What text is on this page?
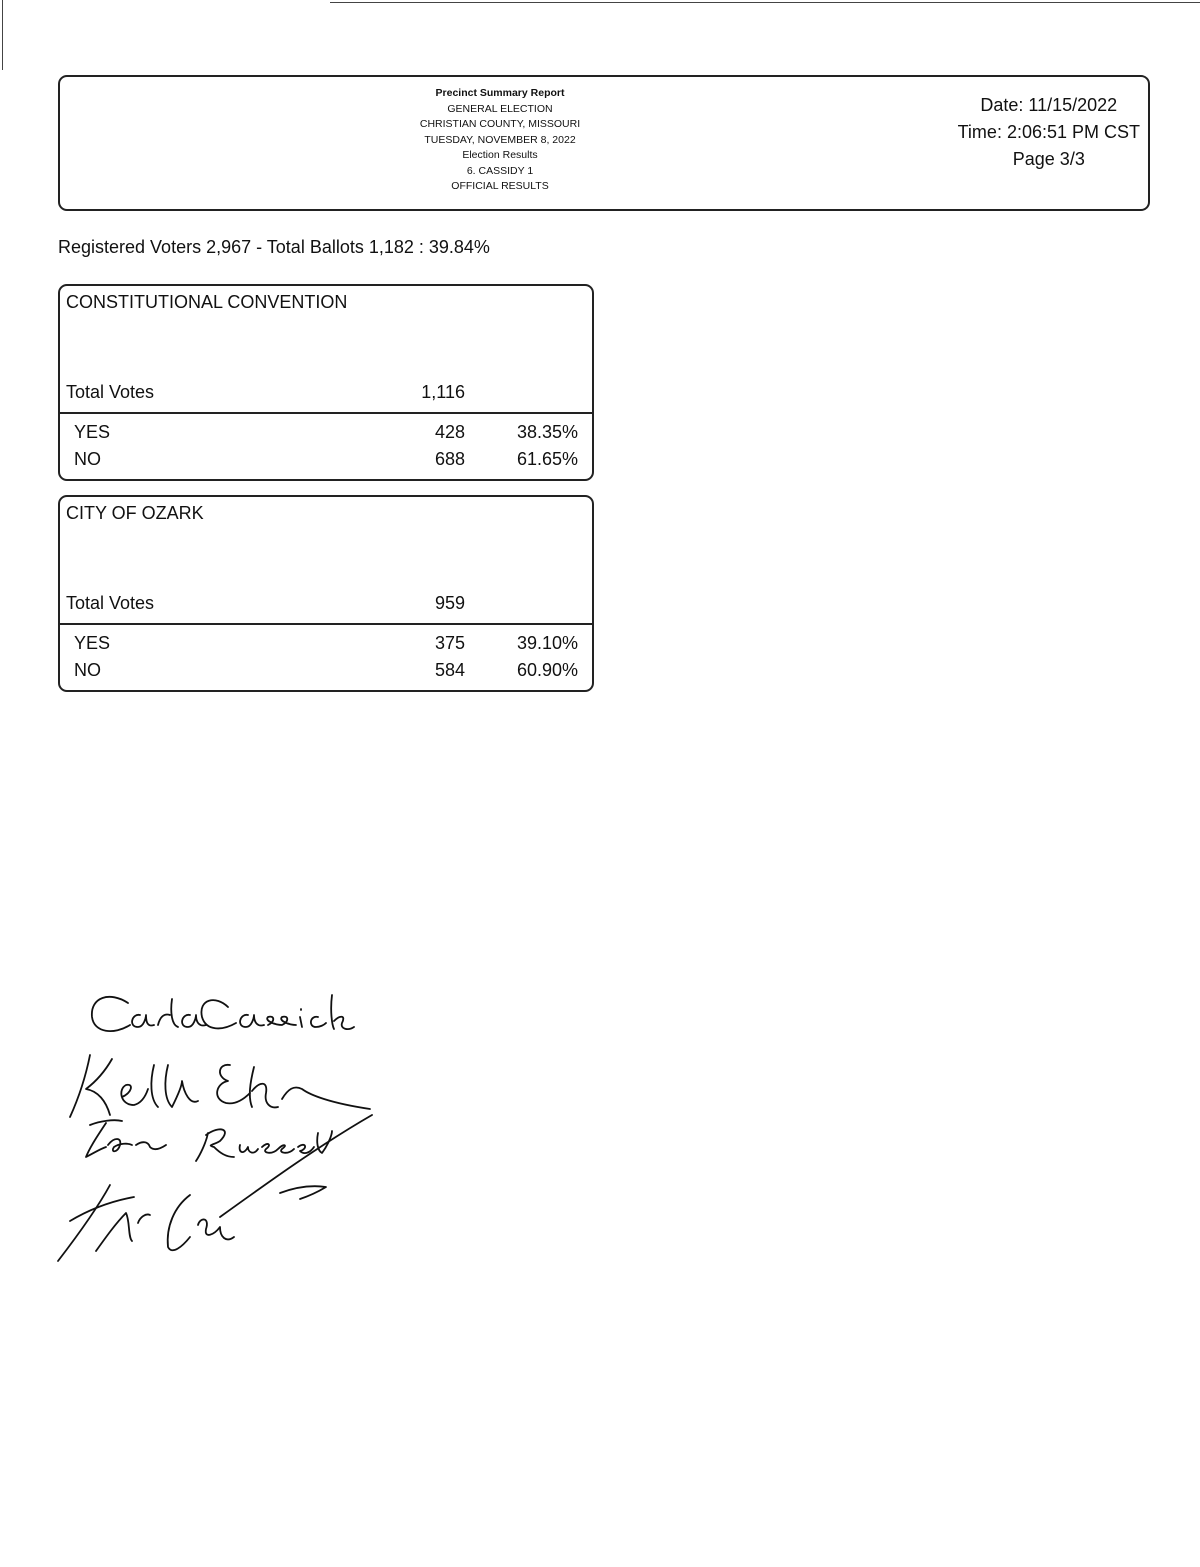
Precinct Summary Report
GENERAL ELECTION
CHRISTIAN COUNTY, MISSOURI
TUESDAY, NOVEMBER 8, 2022
Election Results
6. CASSIDY 1
OFFICIAL RESULTS
Date: 11/15/2022
Time: 2:06:51 PM CST
Page 3/3
Registered Voters 2,967 - Total Ballots 1,182 : 39.84%
CONSTITUTIONAL CONVENTION
Total Votes	1,116
YES	428	38.35%
NO	688	61.65%
CITY OF OZARK
Total Votes	959
YES	375	39.10%
NO	584	60.90%
